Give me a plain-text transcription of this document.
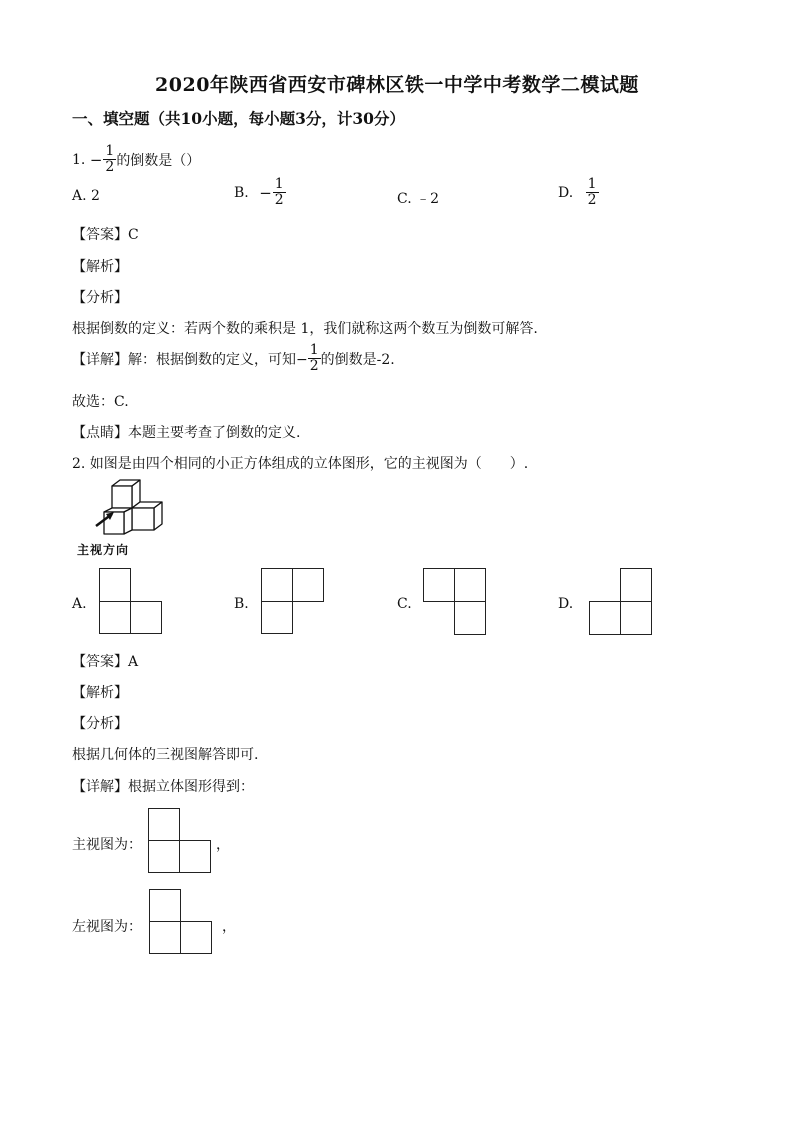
2020年陕西省西安市碑林区铁一中学中考数学二模试题
一、填空题（共10小题，每小题3分，计30分）
1. − $\frac{1}{2}$ 的倒数是（）
A. 2	B. − $\frac{1}{2}$	C. ﹣2	D. $\frac{1}{2}$
【答案】C
【解析】
【分析】
根据倒数的定义：若两个数的乘积是 1，我们就称这两个数互为倒数可解答.
【详解】解：根据倒数的定义，可知− $\frac{1}{2}$ 的倒数是-2.
故选：C.
【点睛】本题主要考查了倒数的定义.
2. 如图是由四个相同的小正方体组成的立体图形，它的主视图为（　　）.
主视方向
A.	B.	C.	D.
【答案】A
【解析】
【分析】
根据几何体的三视图解答即可.
【详解】根据立体图形得到：
主视图为：	，
左视图为：	，
